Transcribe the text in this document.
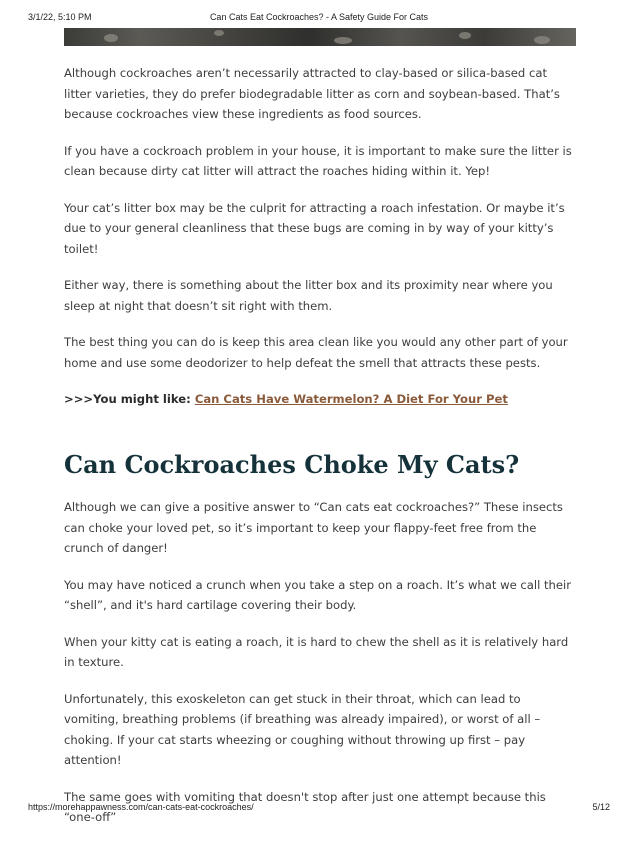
3/1/22, 5:10 PM	Can Cats Eat Cockroaches? - A Safety Guide For Cats

Although cockroaches aren’t necessarily attracted to clay-based or silica-based cat litter varieties, they do prefer biodegradable litter as corn and soybean-based. That’s because cockroaches view these ingredients as food sources.

If you have a cockroach problem in your house, it is important to make sure the litter is clean because dirty cat litter will attract the roaches hiding within it. Yep!

Your cat’s litter box may be the culprit for attracting a roach infestation. Or maybe it’s due to your general cleanliness that these bugs are coming in by way of your kitty’s toilet!

Either way, there is something about the litter box and its proximity near where you sleep at night that doesn’t sit right with them.

The best thing you can do is keep this area clean like you would any other part of your home and use some deodorizer to help defeat the smell that attracts these pests.

>>>You might like: Can Cats Have Watermelon? A Diet For Your Pet
Can Cockroaches Choke My Cats?

Although we can give a positive answer to “Can cats eat cockroaches?” These insects can choke your loved pet, so it’s important to keep your flappy-feet free from the crunch of danger!

You may have noticed a crunch when you take a step on a roach. It’s what we call their “shell”, and it's hard cartilage covering their body.

When your kitty cat is eating a roach, it is hard to chew the shell as it is relatively hard in texture.

Unfortunately, this exoskeleton can get stuck in their throat, which can lead to vomiting, breathing problems (if breathing was already impaired), or worst of all – choking. If your cat starts wheezing or coughing without throwing up first – pay attention!

The same goes with vomiting that doesn't stop after just one attempt because this “one-off”

https://morehappawness.com/can-cats-eat-cockroaches/	5/12
